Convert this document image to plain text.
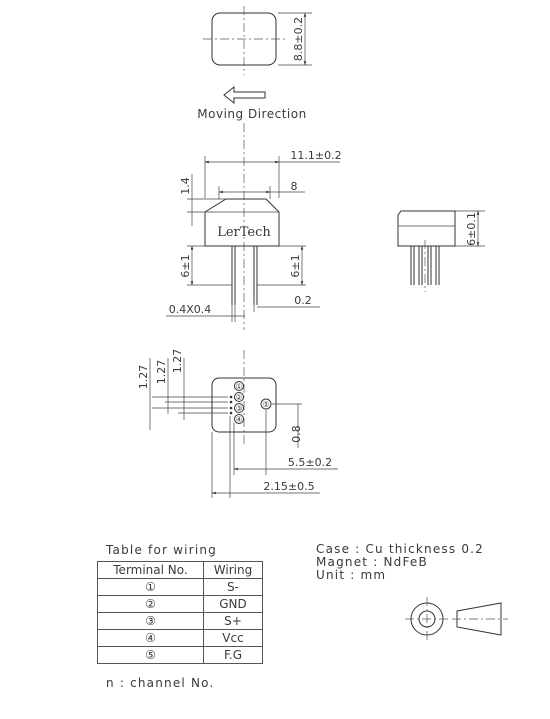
8.8±0.2
Moving Direction
LerTech
11.1±0.2
8
1.4
6±1	6±1
0.4X0.4
0.2
6±0.1
①
②
③
④
⑤
1.27 1.27 1.27
0.8
5.5±0.2
2.15±0.5
Table for wiring
Terminal No.	Wiring
①	S-
②	GND
③	S+
④	Vcc
⑤	F.G
n : channel No.
Case : Cu thickness 0.2
Magnet : NdFeB
Unit : mm
